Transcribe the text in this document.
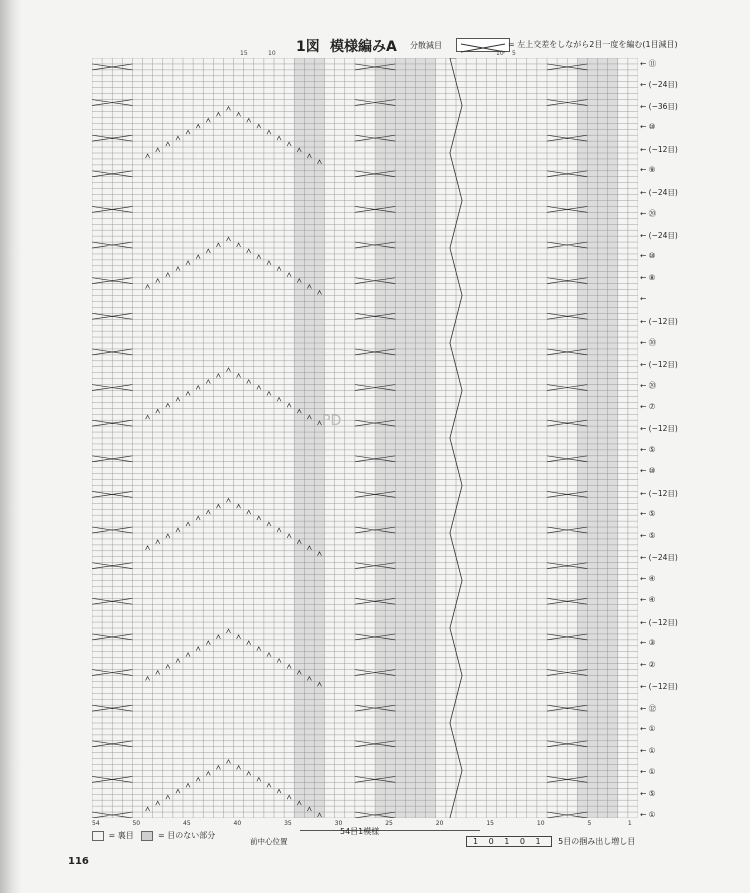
1図 模様編みA 分散減目	= 左上交差をしながら2目一度を編む(1目減目)
15	10	10 5
← ⑪
← (−24目)
← (−36目)
← ⑩
← (−12目)
← ⑨
← (−24目)
← ⑳
← (−24目)
← ⑩
← ⑧
←
← (−12目)
← ㉚
← (−12目)
← ⑳
← ⑦
← (−12目)
← ⑤
← ⑩
← (−12目)
← ⑤
← ⑤
← (−24目)
← ④
← ④
← (−12目)
← ③
← ②
← (−12目)
← ⑫
← ①
← ①
← ①
← ⑤
← ①
54	50	45	40	35	30	25	20	15	10	5	1
54目1模様
= 裏目	= 目のない部分
前中心位置	1 0 1 0 1 5目の掴み出し増し目
PD
116
